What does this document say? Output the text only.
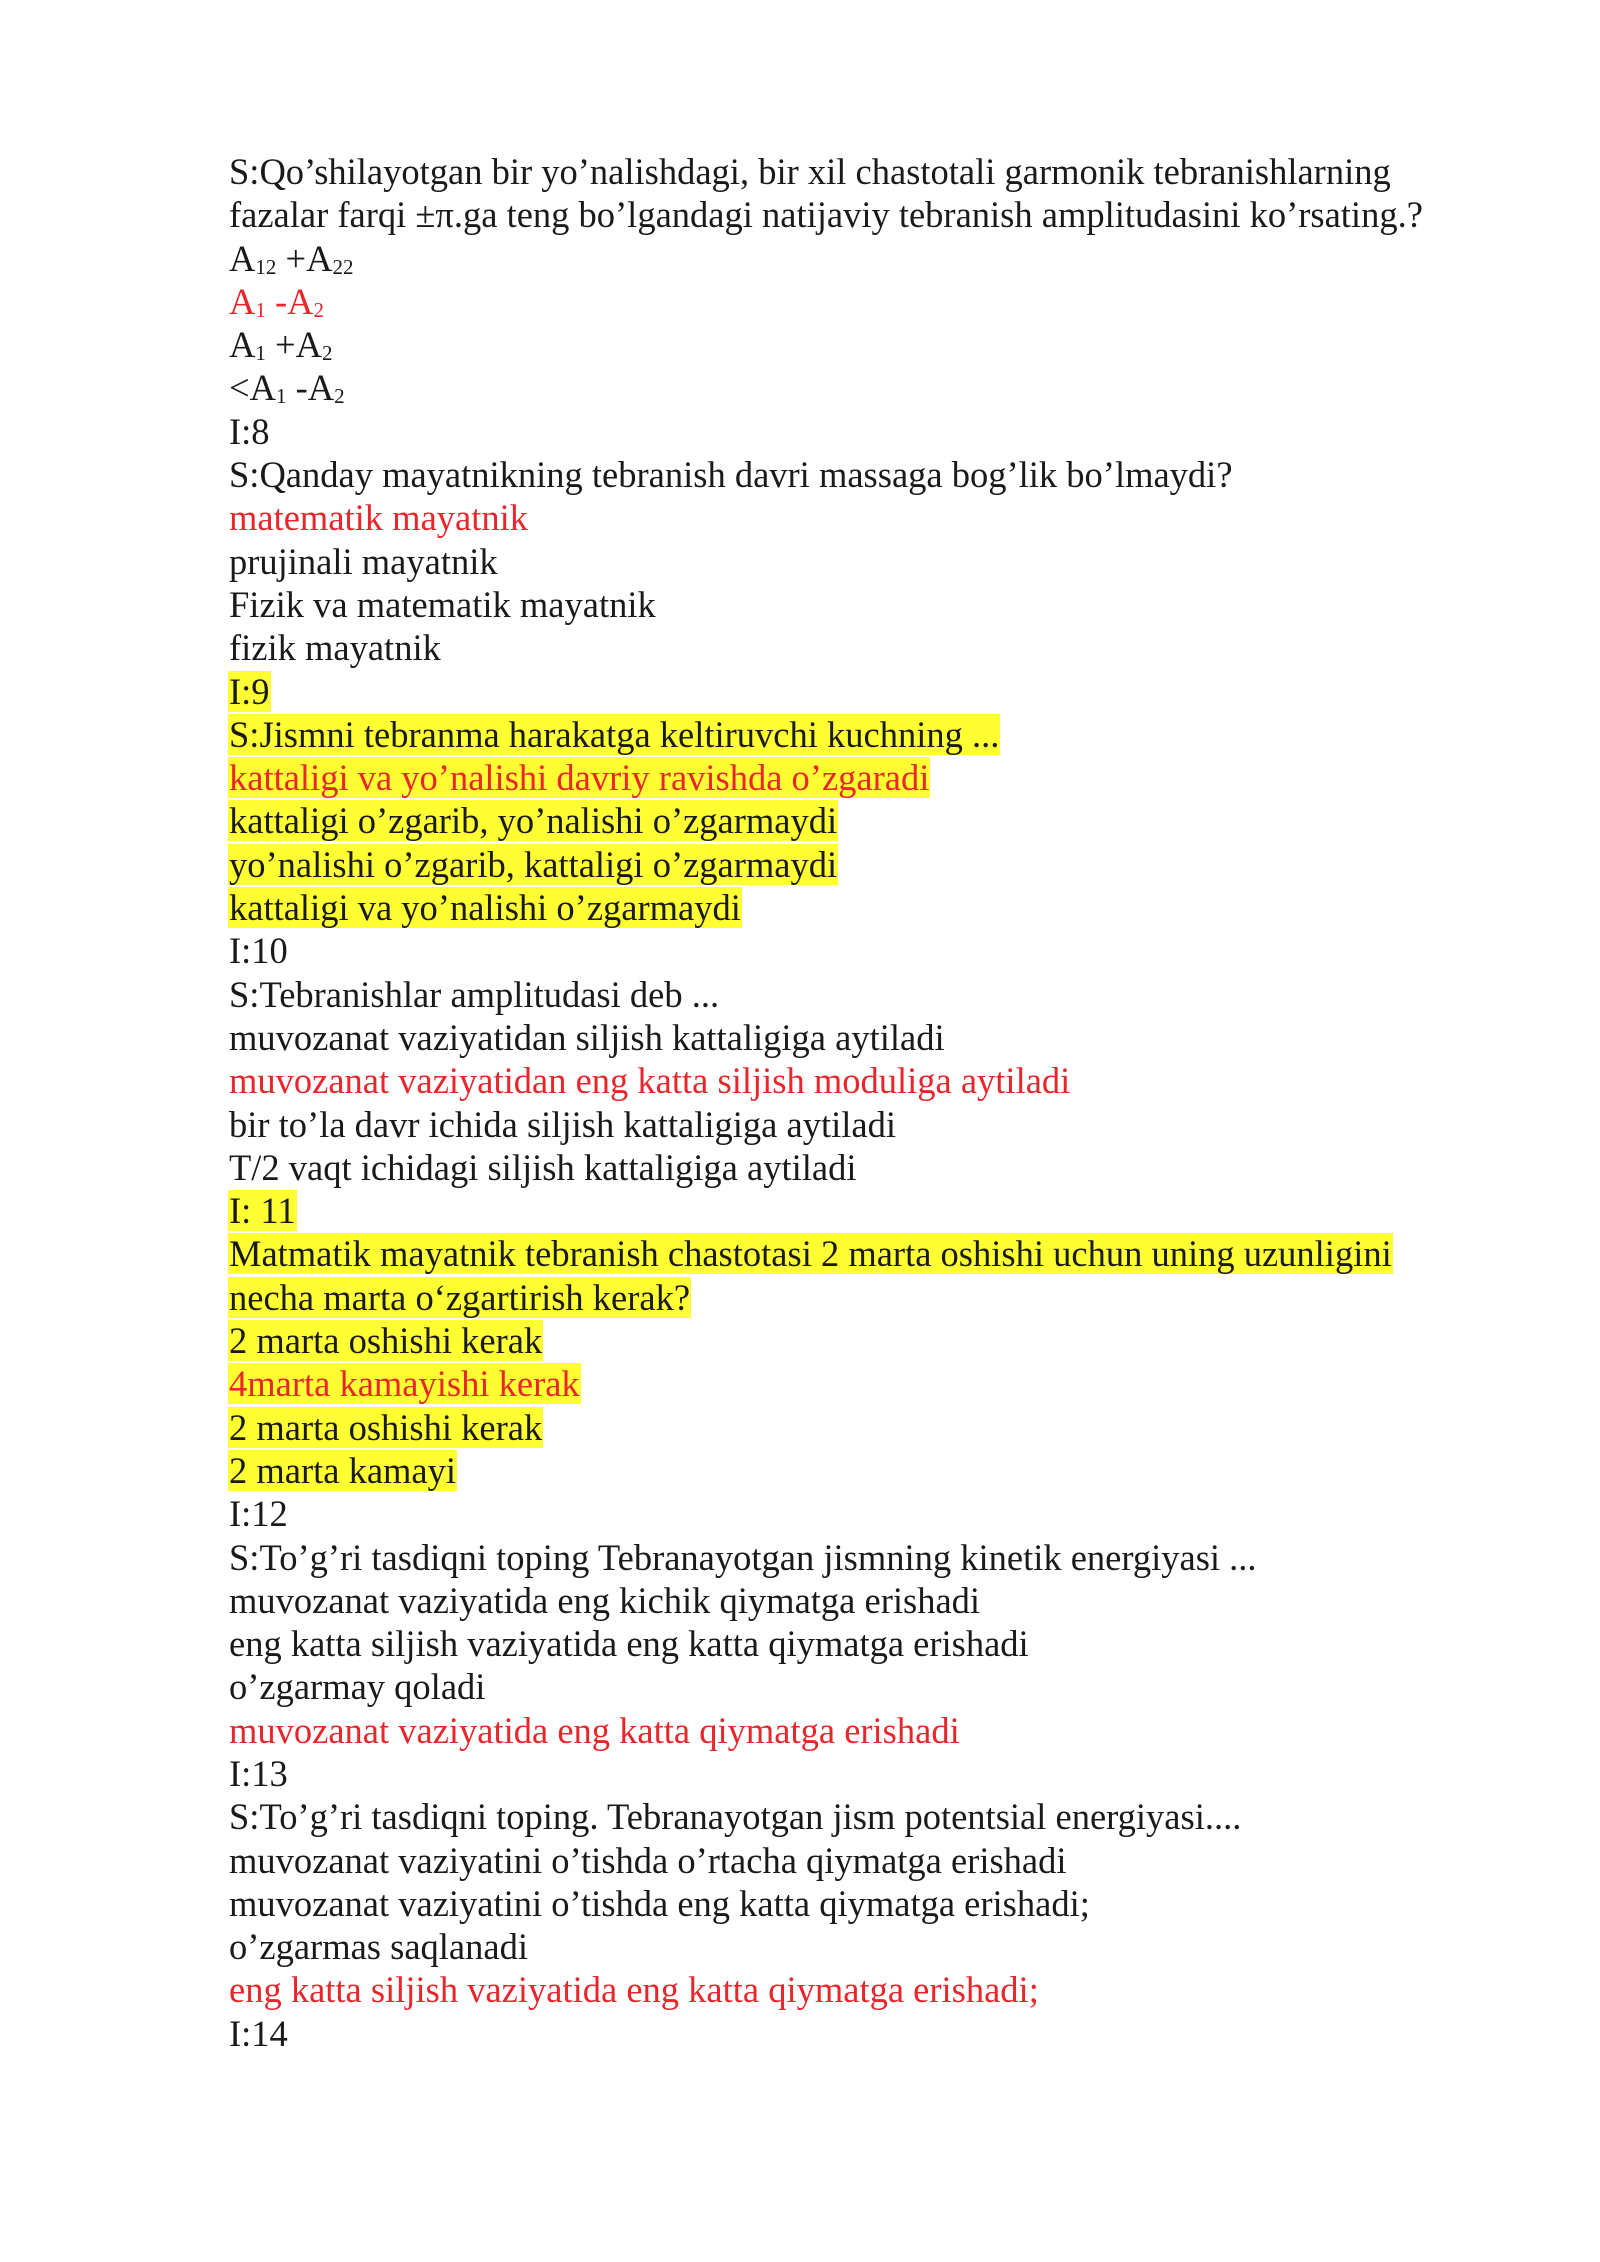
S:Qo’shilayotgan bir yo’nalishdagi, bir xil chastotali garmonik tebranishlarning
fazalar farqi ±π.ga teng bo’lgandagi natijaviy tebranish amplitudasini ko’rsating.?
$A_{12} +A_{22}$
$A_1$ $-A_2$
$A_1 +A_2$
$<A_1$ $-A_2$
I:8
S:Qanday mayatnikning tebranish davri massaga bog’lik bo’lmaydi?
matematik mayatnik
prujinali mayatnik
Fizik va matematik mayatnik
fizik mayatnik
I:9
S:Jismni tebranma harakatga keltiruvchi kuchning ...
kattaligi va yo’nalishi davriy ravishda o’zgaradi
kattaligi o’zgarib, yo’nalishi o’zgarmaydi
yo’nalishi o’zgarib, kattaligi o’zgarmaydi
kattaligi va yo’nalishi o’zgarmaydi
I:10
S:Tebranishlar amplitudasi deb ...
muvozanat vaziyatidan siljish kattaligiga aytiladi
muvozanat vaziyatidan eng katta siljish moduliga aytiladi
bir to’la davr ichida siljish kattaligiga aytiladi
T/2 vaqt ichidagi siljish kattaligiga aytiladi
I: 11
Matmatik mayatnik tebranish chastotasi 2 marta oshishi uchun uning uzunligini
necha marta o‘zgartirish kerak?
2 marta oshishi kerak
4marta kamayishi kerak
2 marta oshishi kerak
2 marta kamayi
I:12
S:To’g’ri tasdiqni toping Tebranayotgan jismning kinetik energiyasi ...
muvozanat vaziyatida eng kichik qiymatga erishadi
eng katta siljish vaziyatida eng katta qiymatga erishadi
o’zgarmay qoladi
muvozanat vaziyatida eng katta qiymatga erishadi
I:13
S:To’g’ri tasdiqni toping. Tebranayotgan jism potentsial energiyasi....
muvozanat vaziyatini o’tishda o’rtacha qiymatga erishadi
muvozanat vaziyatini o’tishda eng katta qiymatga erishadi;
o’zgarmas saqlanadi
eng katta siljish vaziyatida eng katta qiymatga erishadi;
I:14
